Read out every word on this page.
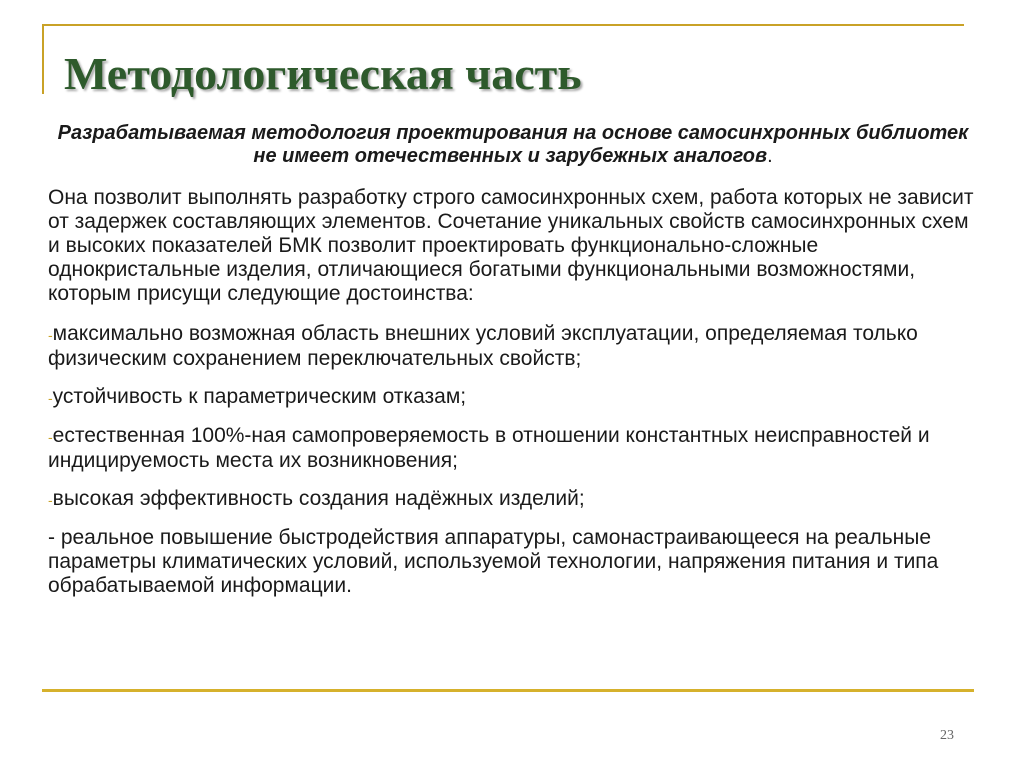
Методологическая часть

Разрабатываемая методология проектирования на основе самосинхронных библиотек не имеет отечественных и зарубежных аналогов.

Она позволит выполнять разработку строго самосинхронных схем, работа которых не зависит от задержек составляющих элементов. Сочетание уникальных свойств самосинхронных схем и высоких показателей БМК позволит проектировать функционально-сложные однокристальные изделия, отличающиеся богатыми функциональными возможностями, которым присущи следующие достоинства:

-максимально возможная область внешних условий эксплуатации, определяемая только физическим сохранением переключательных свойств;

-устойчивость к параметрическим отказам;

-естественная 100%-ная самопроверяемость в отношении константных неисправностей и индицируемость места их возникновения;

-высокая эффективность создания надёжных изделий;

- реальное повышение быстродействия аппаратуры, самонастраивающееся на реальные параметры климатических условий, используемой технологии, напряжения питания и типа обрабатываемой информации.

23
